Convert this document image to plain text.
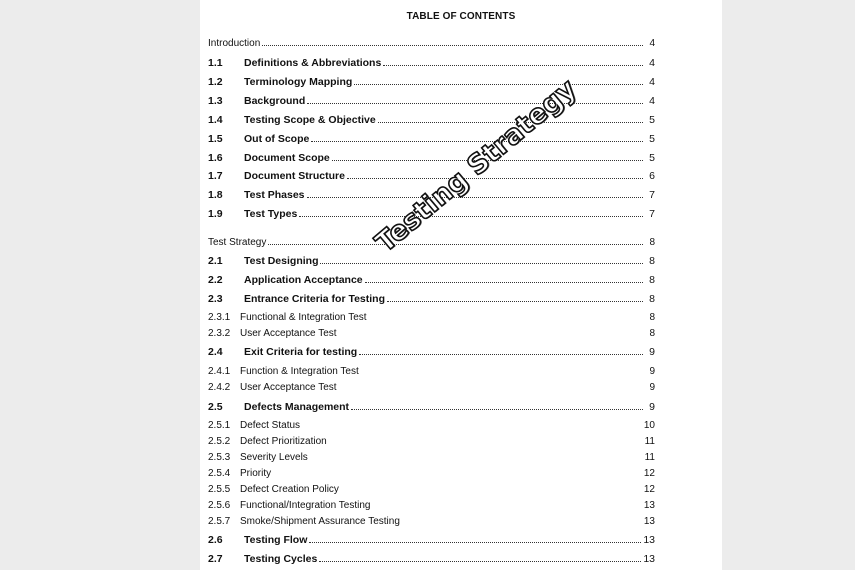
TABLE OF CONTENTS
Introduction	4
1.1	Definitions & Abbreviations	4
1.2	Terminology Mapping	4
1.3	Background	4
1.4	Testing Scope & Objective	5
1.5	Out of Scope	5
1.6	Document Scope	5
1.7	Document Structure	6
1.8	Test Phases	7
1.9	Test Types	7
Test Strategy	8
2.1	Test Designing	8
2.2	Application Acceptance	8
2.3	Entrance Criteria for Testing	8
2.3.1 Functional & Integration Test	8
2.3.2 User Acceptance Test	8
2.4	Exit Criteria for testing	9
2.4.1 Function & Integration Test	9
2.4.2 User Acceptance Test	9
2.5	Defects Management	9
2.5.1 Defect Status	10
2.5.2 Defect Prioritization	11
2.5.3 Severity Levels	11
2.5.4 Priority	12
2.5.5 Defect Creation Policy	12
2.5.6 Functional/Integration Testing	13
2.5.7 Smoke/Shipment Assurance Testing	13
2.6	Testing Flow	13
2.7	Testing Cycles	13
Testing Strategy
